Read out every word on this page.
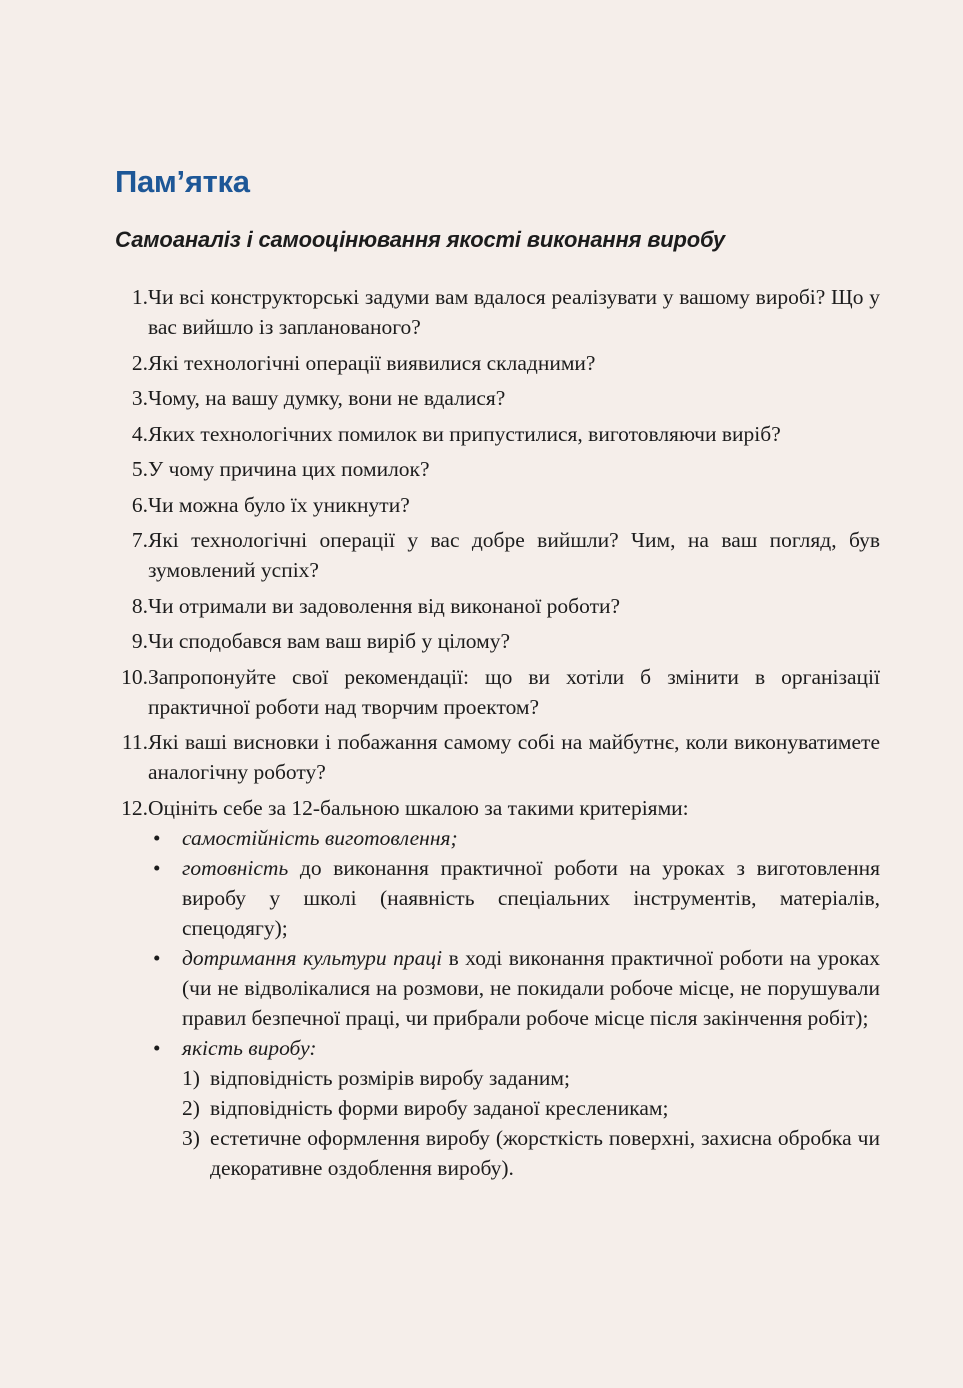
Пам’ятка
Самоаналіз і самооцінювання якості виконання виробу
1. Чи всі конструкторські задуми вам вдалося реалізувати у вашому виробі? Що у вас вийшло із запланованого?
2. Які технологічні операції виявилися складними?
3. Чому, на вашу думку, вони не вдалися?
4. Яких технологічних помилок ви припустилися, виготовляючи виріб?
5. У чому причина цих помилок?
6. Чи можна було їх уникнути?
7. Які технологічні операції у вас добре вийшли? Чим, на ваш погляд, був зумовлений успіх?
8. Чи отримали ви задоволення від виконаної роботи?
9. Чи сподобався вам ваш виріб у цілому?
10. Запропонуйте свої рекомендації: що ви хотіли б змінити в організації практичної роботи над творчим проектом?
11. Які ваші висновки і побажання самому собі на майбутнє, коли виконуватимете аналогічну роботу?
12. Оцініть себе за 12-бальною шкалою за такими критеріями:
• самостійність виготовлення;
• готовність до виконання практичної роботи на уроках з виготовлення виробу у школі (наявність спеціальних інструментів, матеріалів, спецодягу);
• дотримання культури праці в ході виконання практичної роботи на уроках (чи не відволікалися на розмови, не покидали робоче місце, не порушували правил безпечної праці, чи прибрали робоче місце після закінчення робіт);
• якість виробу:
1) відповідність розмірів виробу заданим;
2) відповідність форми виробу заданої кресленикам;
3) естетичне оформлення виробу (жорсткість поверхні, захисна обробка чи декоративне оздоблення виробу).
